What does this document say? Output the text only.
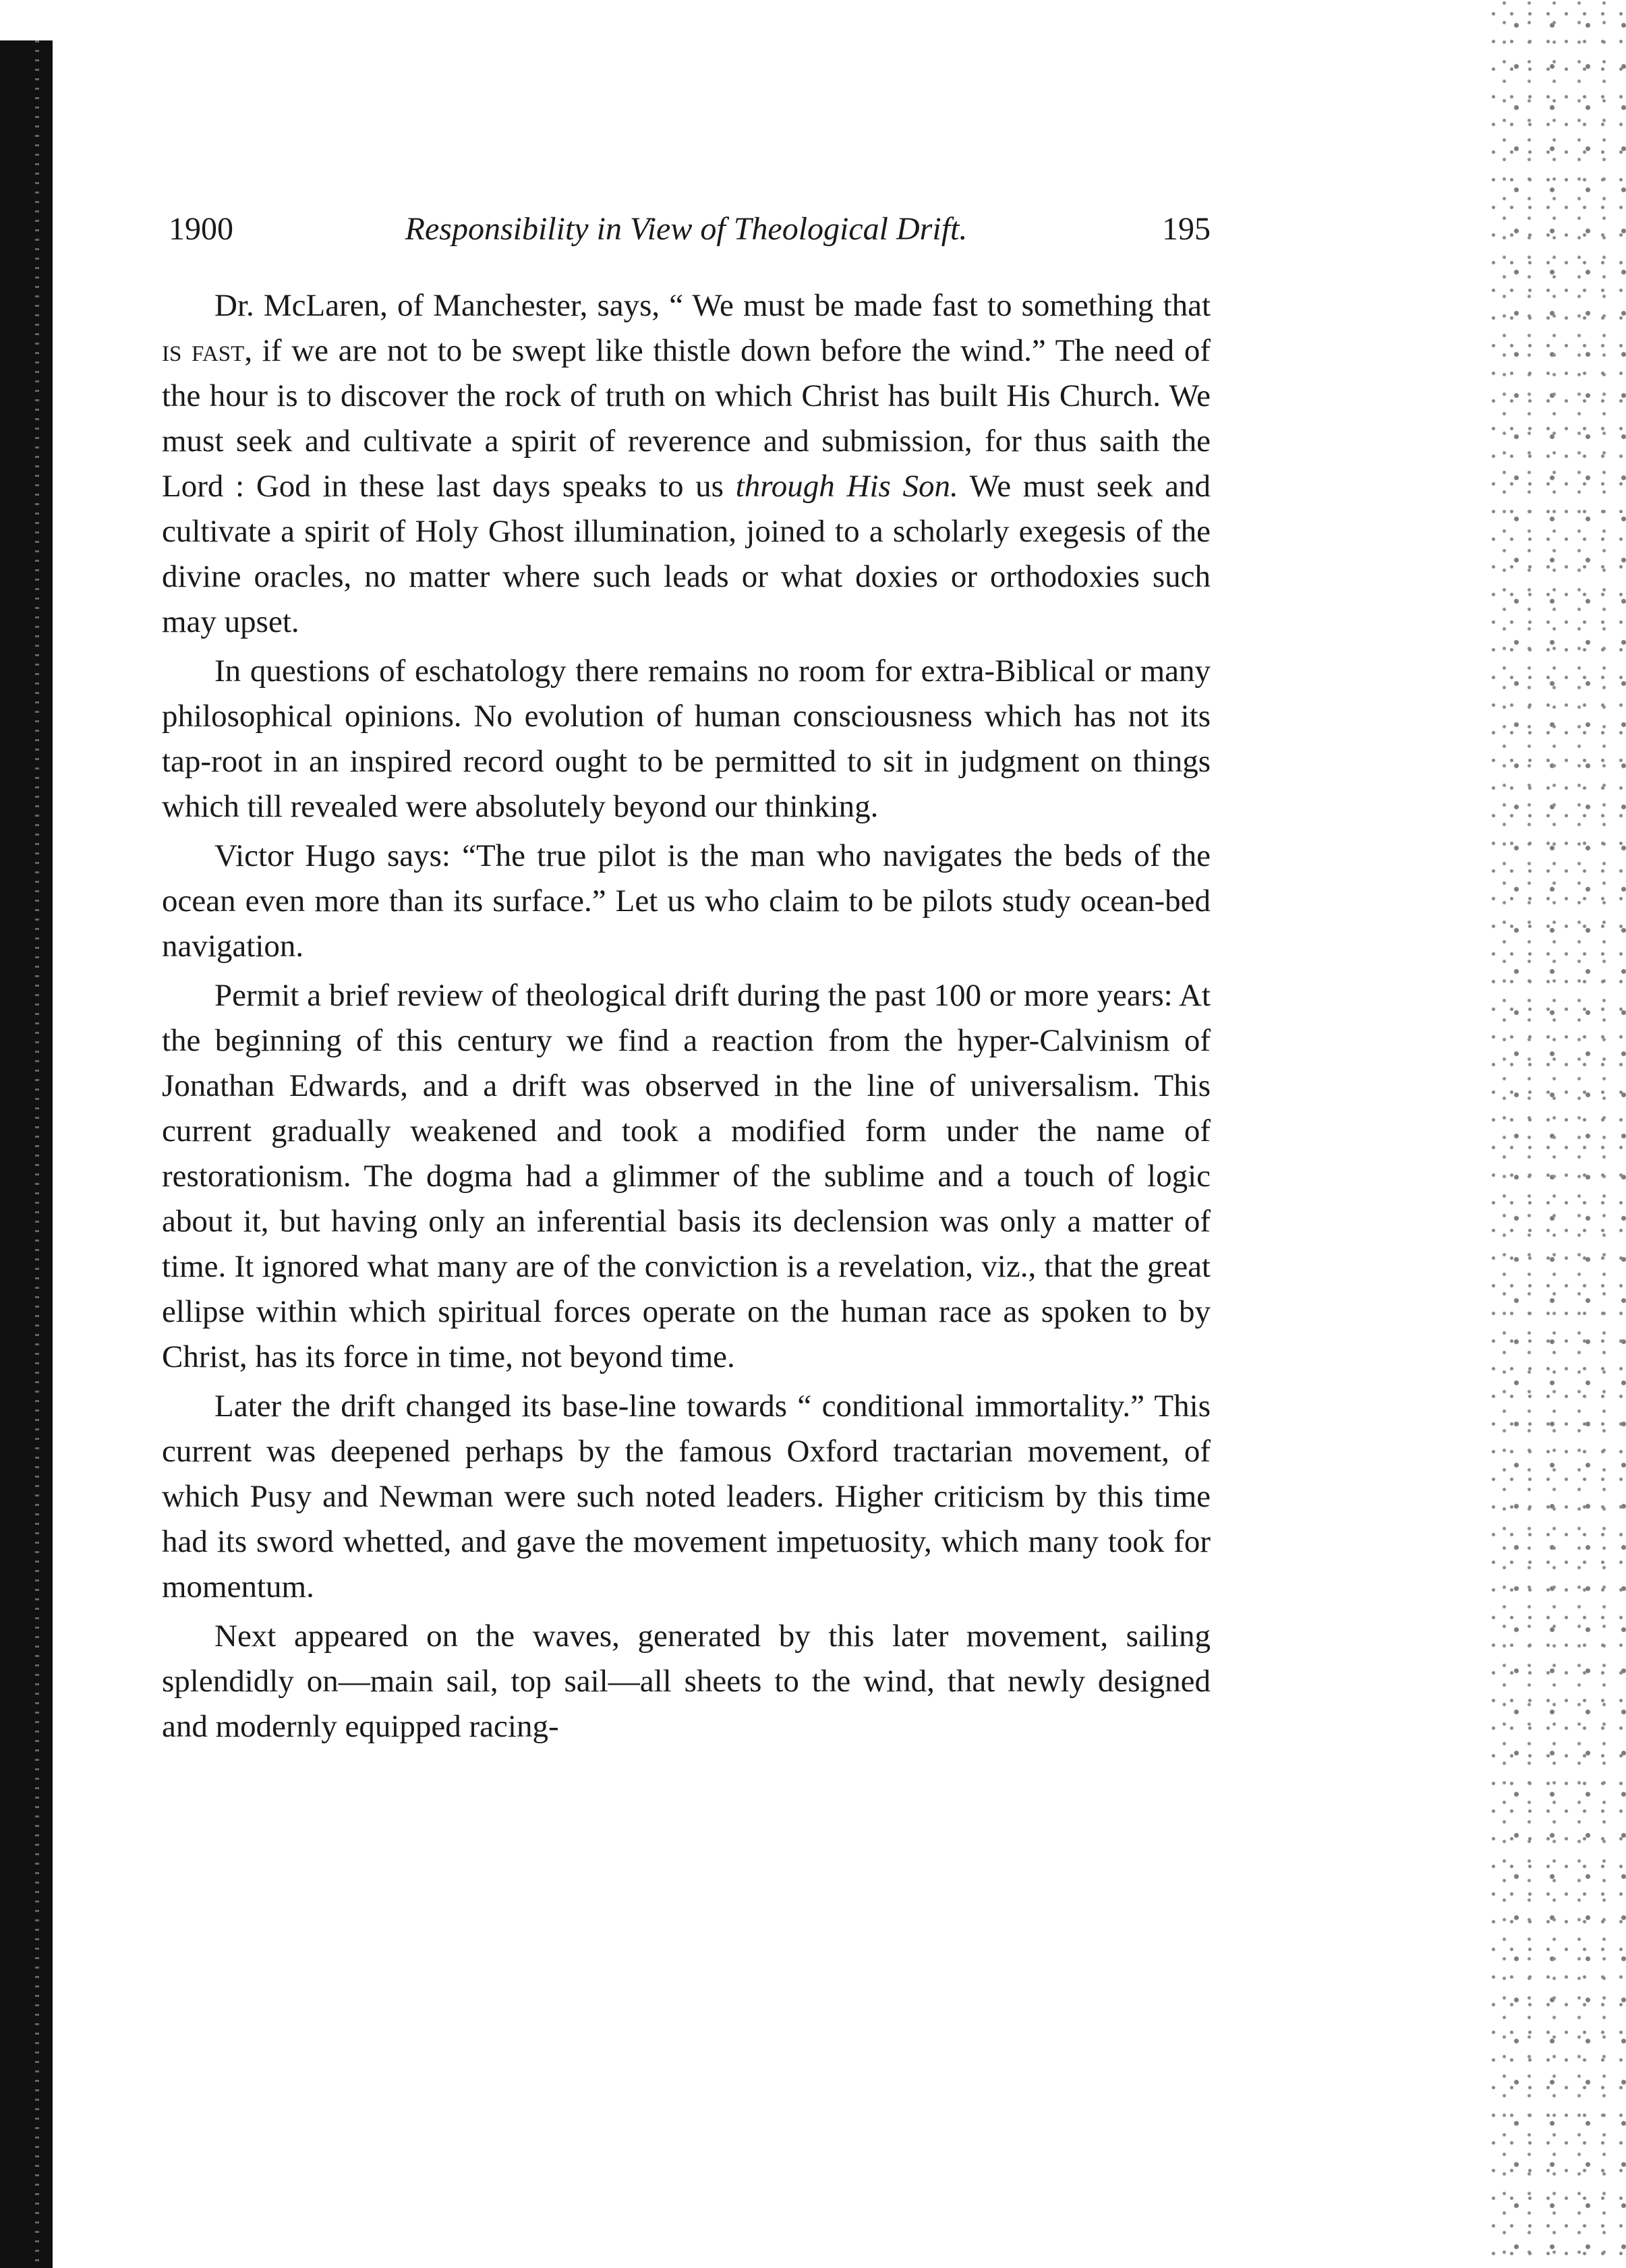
1900	Responsibility in View of Theological Drift.	195

Dr. McLaren, of Manchester, says, “ We must be made fast to something that is fast, if we are not to be swept like thistle down before the wind.” The need of the hour is to discover the rock of truth on which Christ has built His Church. We must seek and cultivate a spirit of reverence and submission, for thus saith the Lord : God in these last days speaks to us through His Son. We must seek and cultivate a spirit of Holy Ghost illumination, joined to a scholarly exegesis of the divine oracles, no matter where such leads or what doxies or orthodoxies such may upset.

In questions of eschatology there remains no room for extra-Biblical or many philosophical opinions. No evolution of human consciousness which has not its tap-root in an inspired record ought to be permitted to sit in judgment on things which till revealed were absolutely beyond our thinking.

Victor Hugo says: “The true pilot is the man who navigates the beds of the ocean even more than its surface.” Let us who claim to be pilots study ocean-bed navigation.

Permit a brief review of theological drift during the past 100 or more years: At the beginning of this century we find a reaction from the hyper-Calvinism of Jonathan Edwards, and a drift was observed in the line of universalism. This current gradually weakened and took a modified form under the name of restorationism. The dogma had a glimmer of the sublime and a touch of logic about it, but having only an inferential basis its declension was only a matter of time. It ignored what many are of the conviction is a revelation, viz., that the great ellipse within which spiritual forces operate on the human race as spoken to by Christ, has its force in time, not beyond time.

Later the drift changed its base-line towards “ conditional immortality.” This current was deepened perhaps by the famous Oxford tractarian movement, of which Pusy and Newman were such noted leaders. Higher criticism by this time had its sword whetted, and gave the movement impetuosity, which many took for momentum.

Next appeared on the waves, generated by this later movement, sailing splendidly on—main sail, top sail—all sheets to the wind, that newly designed and modernly equipped racing-
